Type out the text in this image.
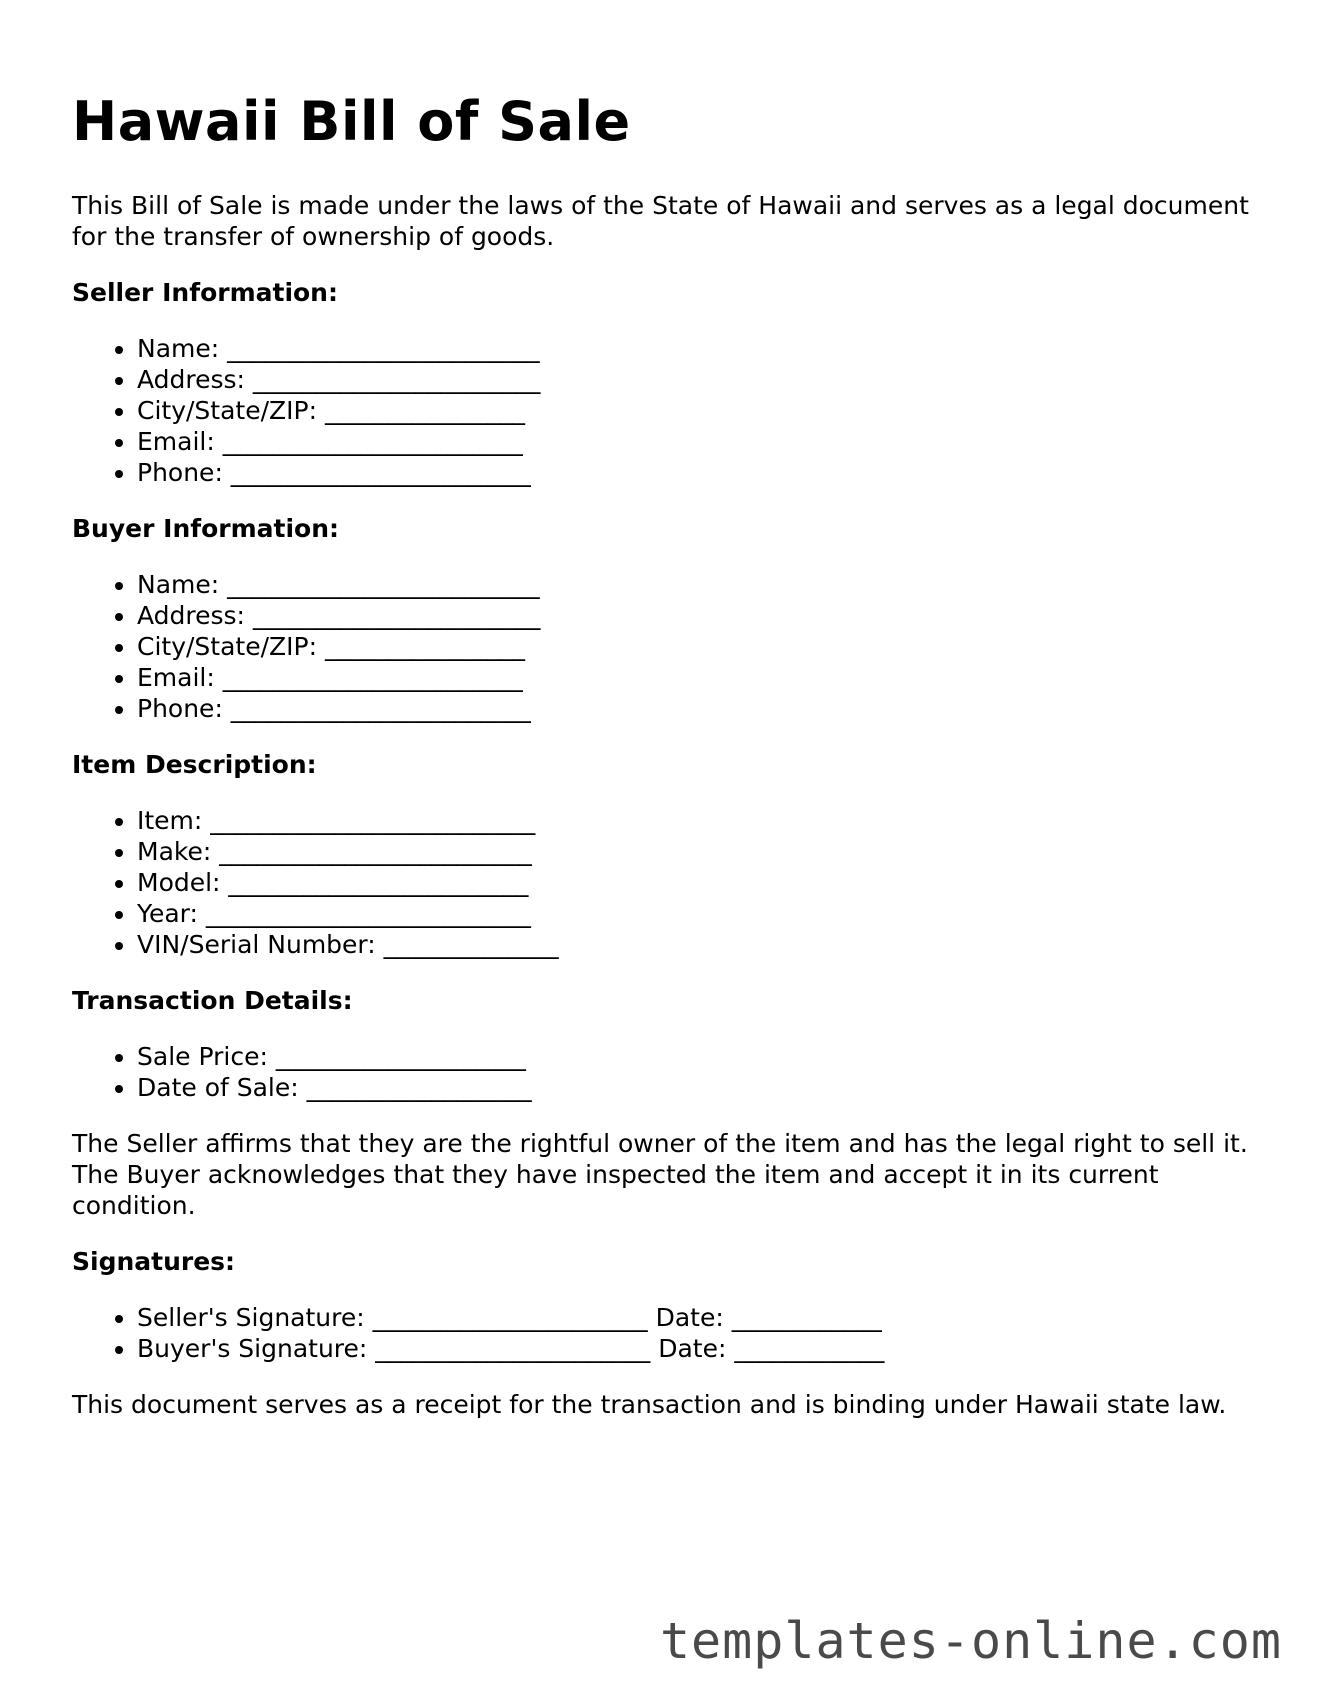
Hawaii Bill of Sale

This Bill of Sale is made under the laws of the State of Hawaii and serves as a legal document for the transfer of ownership of goods.

Seller Information:
• Name: _________________________
• Address: _______________________
• City/State/ZIP: ________________
• Email: ________________________
• Phone: ________________________
Buyer Information:
• Name: _________________________
• Address: _______________________
• City/State/ZIP: ________________
• Email: ________________________
• Phone: ________________________
Item Description:
• Item: __________________________
• Make: _________________________
• Model: ________________________
• Year: __________________________
• VIN/Serial Number: ______________
Transaction Details:
• Sale Price: ____________________
• Date of Sale: __________________

The Seller affirms that they are the rightful owner of the item and has the legal right to sell it. The Buyer acknowledges that they have inspected the item and accept it in its current condition.

Signatures:
• Seller's Signature: ______________________ Date: ____________
• Buyer's Signature: ______________________ Date: ____________

This document serves as a receipt for the transaction and is binding under Hawaii state law.

templates-online.com
